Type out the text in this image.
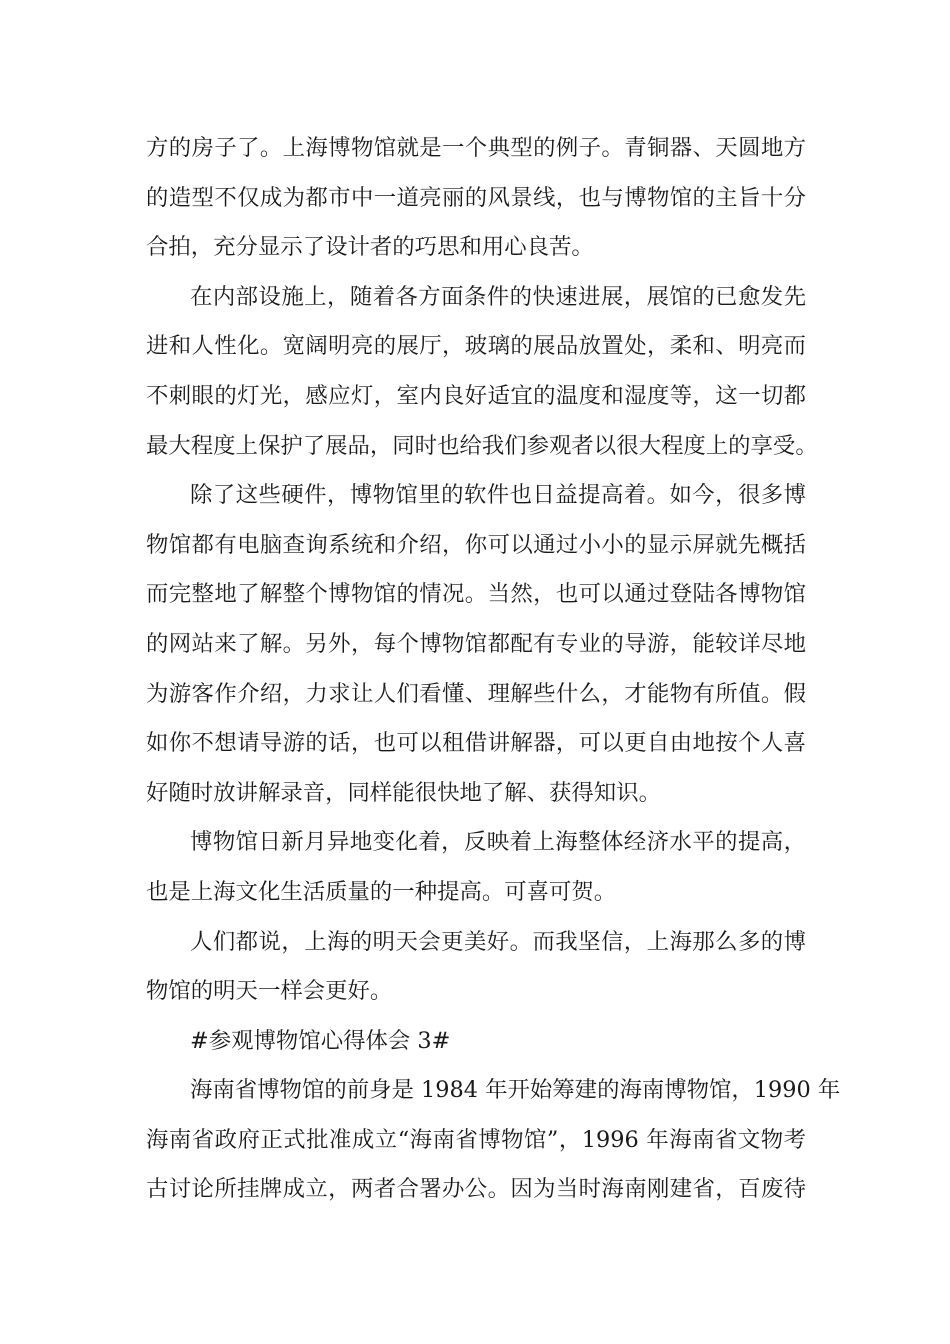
方的房子了。上海博物馆就是一个典型的例子。青铜器、天圆地方
的造型不仅成为都市中一道亮丽的风景线，也与博物馆的主旨十分
合拍，充分显示了设计者的巧思和用心良苦。
在内部设施上，随着各方面条件的快速进展，展馆的已愈发先
进和人性化。宽阔明亮的展厅，玻璃的展品放置处，柔和、明亮而
不刺眼的灯光，感应灯，室内良好适宜的温度和湿度等，这一切都
最大程度上保护了展品，同时也给我们参观者以很大程度上的享受。
除了这些硬件，博物馆里的软件也日益提高着。如今，很多博
物馆都有电脑查询系统和介绍，你可以通过小小的显示屏就先概括
而完整地了解整个博物馆的情况。当然，也可以通过登陆各博物馆
的网站来了解。另外，每个博物馆都配有专业的导游，能较详尽地
为游客作介绍，力求让人们看懂、理解些什么，才能物有所值。假
如你不想请导游的话，也可以租借讲解器，可以更自由地按个人喜
好随时放讲解录音，同样能很快地了解、获得知识。
博物馆日新月异地变化着，反映着上海整体经济水平的提高，
也是上海文化生活质量的一种提高。可喜可贺。
人们都说，上海的明天会更美好。而我坚信，上海那么多的博
物馆的明天一样会更好。
#参观博物馆心得体会 3#
海南省博物馆的前身是 1984 年开始筹建的海南博物馆，1990 年
海南省政府正式批准成立“海南省博物馆”，1996 年海南省文物考
古讨论所挂牌成立，两者合署办公。因为当时海南刚建省，百废待
